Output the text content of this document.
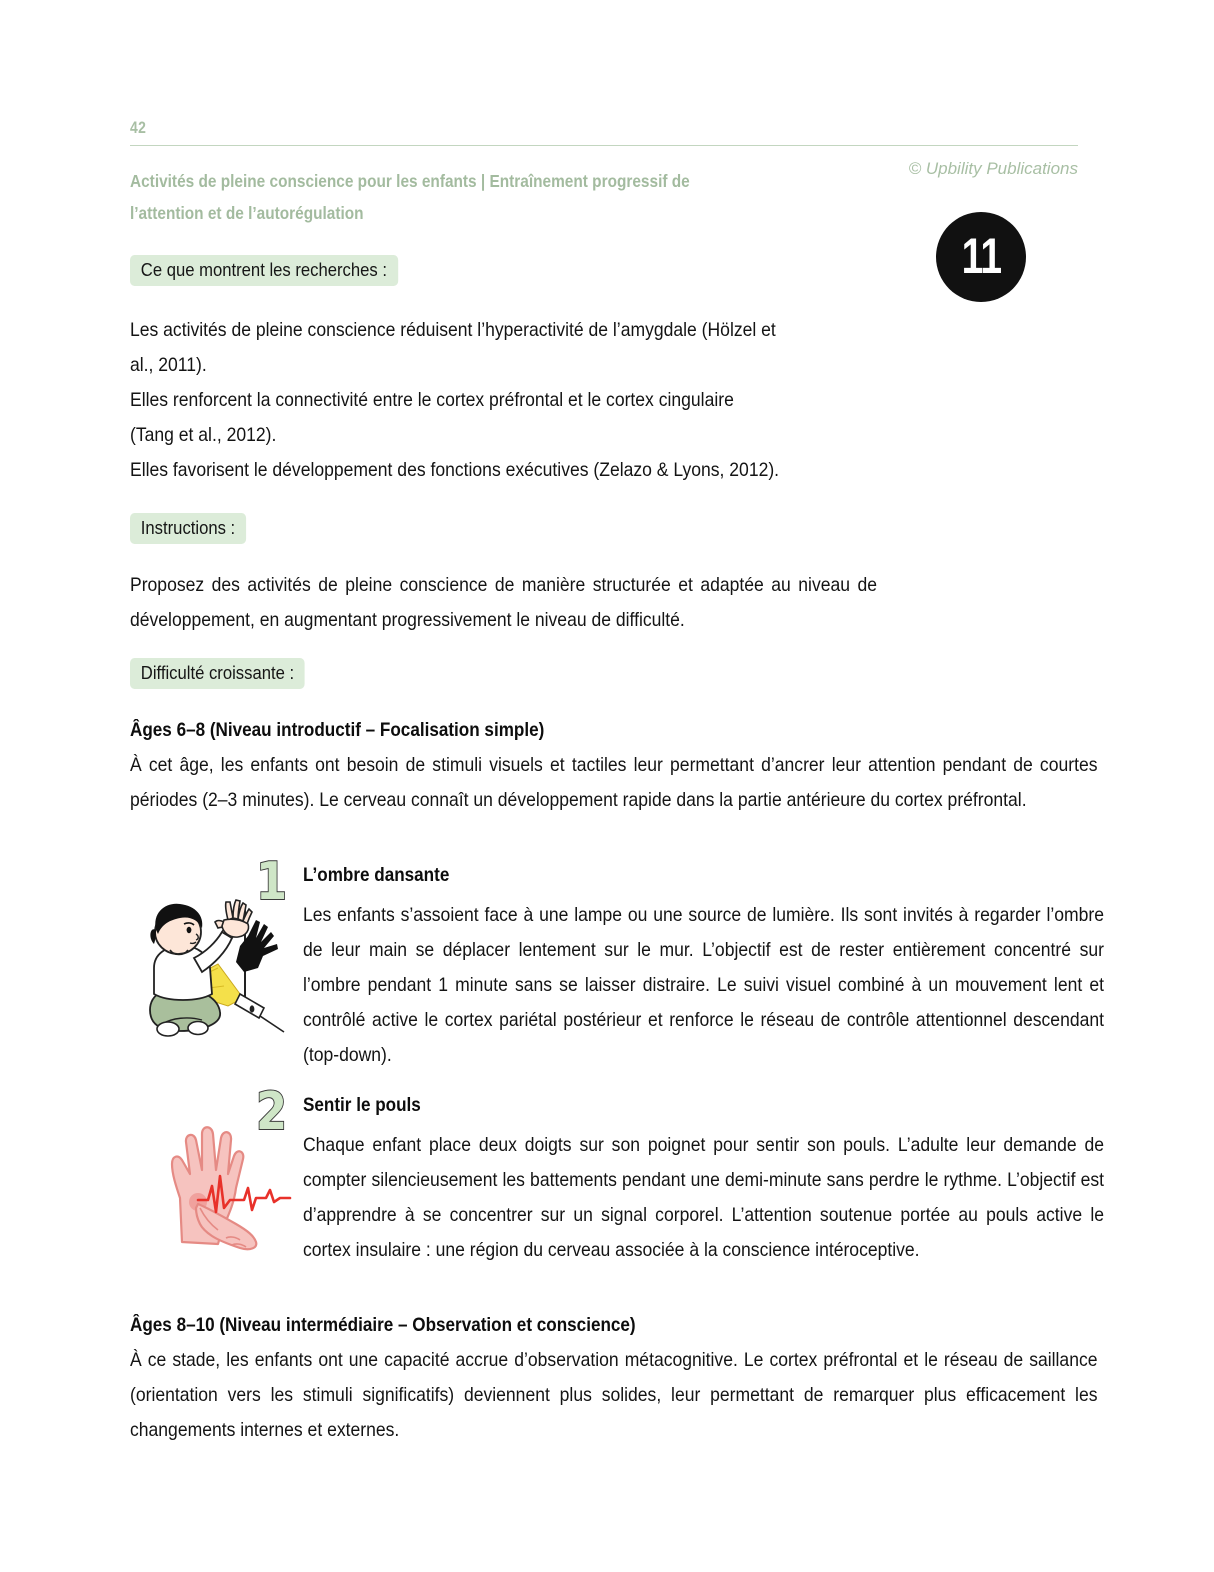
42
Activités de pleine conscience pour les enfants | Entraînement progressif de l’attention et de l’autorégulation
© Upbility Publications
11
Ce que montrent les recherches :
Les activités de pleine conscience réduisent l’hyperactivité de l’amygdale (Hölzel et
al., 2011).
Elles renforcent la connectivité entre le cortex préfrontal et le cortex cingulaire
(Tang et al., 2012).
Elles favorisent le développement des fonctions exécutives (Zelazo & Lyons, 2012).
Instructions :
Proposez des activités de pleine conscience de manière structurée et adaptée au niveau de développement, en augmentant progressivement le niveau de difficulté.
Difficulté croissante :
Âges 6–8 (Niveau introductif – Focalisation simple)
À cet âge, les enfants ont besoin de stimuli visuels et tactiles leur permettant d’ancrer leur attention pendant de courtes périodes (2–3 minutes). Le cerveau connaît un développement rapide dans la partie antérieure du cortex préfrontal.
1 L’ombre dansante
Les enfants s’assoient face à une lampe ou une source de lumière. Ils sont invités à regarder l’ombre de leur main se déplacer lentement sur le mur. L’objectif est de rester entièrement concentré sur l’ombre pendant 1 minute sans se laisser distraire. Le suivi visuel combiné à un mouvement lent et contrôlé active le cortex pariétal postérieur et renforce le réseau de contrôle attentionnel descendant (top-down).
2 Sentir le pouls
Chaque enfant place deux doigts sur son poignet pour sentir son pouls. L’adulte leur demande de compter silencieusement les battements pendant une demi-minute sans perdre le rythme. L’objectif est d’apprendre à se concentrer sur un signal corporel. L’attention soutenue portée au pouls active le cortex insulaire : une région du cerveau associée à la conscience intéroceptive.
Âges 8–10 (Niveau intermédiaire – Observation et conscience)
À ce stade, les enfants ont une capacité accrue d’observation métacognitive. Le cortex préfrontal et le réseau de saillance (orientation vers les stimuli significatifs) deviennent plus solides, leur permettant de remarquer plus efficacement les changements internes et externes.
